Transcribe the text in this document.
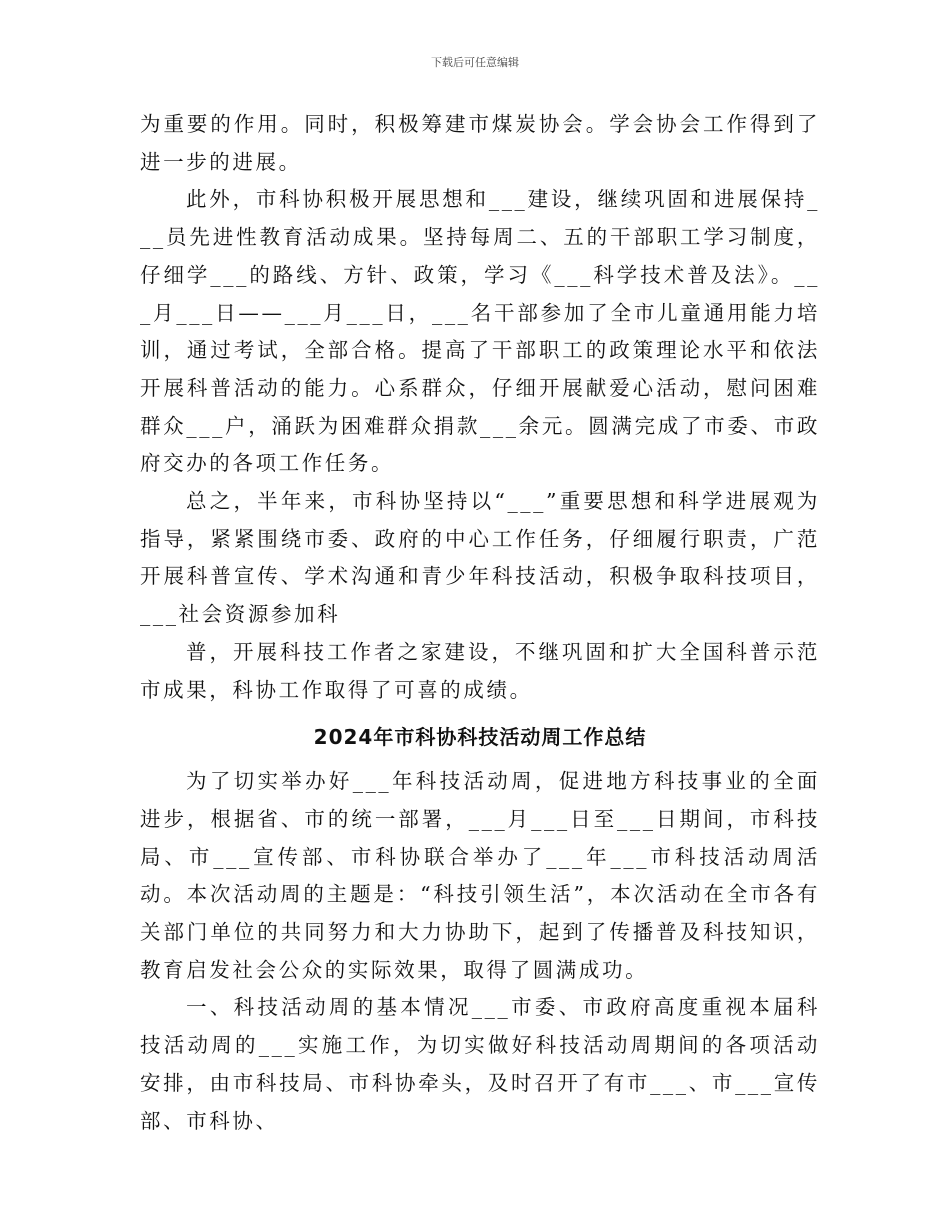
下载后可任意编辑

为重要的作用。同时，积极筹建市煤炭协会。学会协会工作得到了进一步的进展。

此外，市科协积极开展思想和___建设，继续巩固和进展保持___员先进性教育活动成果。坚持每周二、五的干部职工学习制度，仔细学___的路线、方针、政策，学习《___科学技术普及法》。___月___日——___月___日，___名干部参加了全市儿童通用能力培训，通过考试，全部合格。提高了干部职工的政策理论水平和依法开展科普活动的能力。心系群众，仔细开展献爱心活动，慰问困难群众___户，涌跃为困难群众捐款___余元。圆满完成了市委、市政府交办的各项工作任务。

总之，半年来，市科协坚持以“___”重要思想和科学进展观为指导，紧紧围绕市委、政府的中心工作任务，仔细履行职责，广范开展科普宣传、学术沟通和青少年科技活动，积极争取科技项目，___社会资源参加科

普，开展科技工作者之家建设，不继巩固和扩大全国科普示范市成果，科协工作取得了可喜的成绩。

2024年市科协科技活动周工作总结

为了切实举办好___年科技活动周，促进地方科技事业的全面进步，根据省、市的统一部署，___月___日至___日期间，市科技局、市___宣传部、市科协联合举办了___年___市科技活动周活动。本次活动周的主题是：“科技引领生活”，本次活动在全市各有关部门单位的共同努力和大力协助下，起到了传播普及科技知识，教育启发社会公众的实际效果，取得了圆满成功。

一、科技活动周的基本情况___市委、市政府高度重视本届科技活动周的___实施工作，为切实做好科技活动周期间的各项活动安排，由市科技局、市科协牵头，及时召开了有市___、市___宣传部、市科协、
